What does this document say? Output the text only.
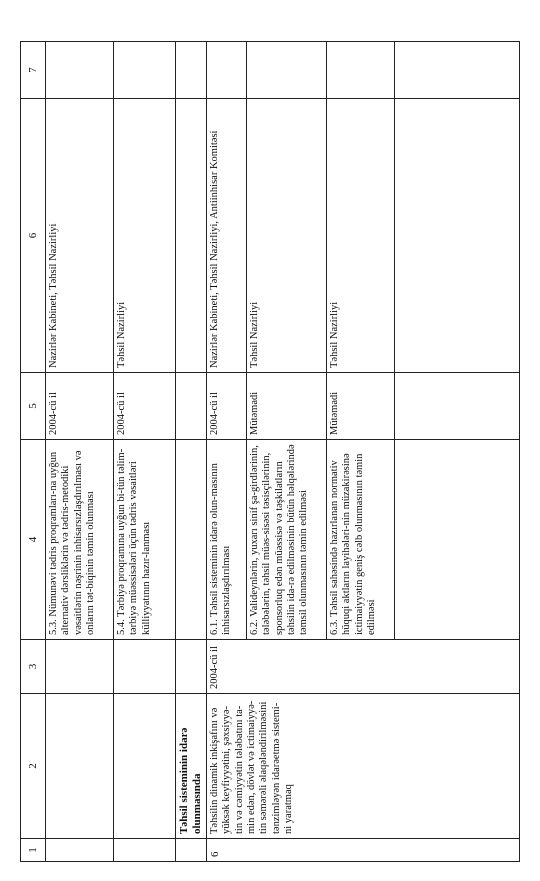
1	2	3	4	5	6	7
			5.3. Nümunəvi tədris proqramları-na uyğun alternativ dərsliklərin və tədris-metodiki vəsaitlərin nəşrinin inhisarsızlaşdırılması və onların tət-biqinin təmin olunması	2004-cü il	Nazirlər Kabineti, Təhsil Nazirliyi	
			5.4. Tərbiyə proqramına uyğun bi-tün təlim-tərbiyə müəssisələri üçün tədris vəsaitləri külliyyatının hazır-lanması	2004-cü il	Təhsil Nazirliyi	
	Təhsil sisteminin idarə olunmasında					
6	Təhsilin dinamik inkişafını və yüksək keyfiyyətini, şəxsiyyə-tin və cəmiyyətin tələbatını ta-min edən, dövlət və ictimaiyyə-tin səmərəli əlaqələndirilməsini tənzimləyən idarəetmə sistemi-ni yaratmaq	2004-cü il	6.1. Təhsil sisteminin idarə olun-masının inhisarsızlaşdırılması	2004-cü il	Nazirlər Kabineti, Təhsil Nazirliyi, Antiinhisar Komitəsi	
			6.2. Valideynlərin, yuxarı sinif şa-girdlərinin, tələbələrin, təhsil müəs-sisəsi təsisçilərinin, sponsorluq edən müəssisə və təşkilatların təhsilin ida-rə edilməsinin bütün həlqələrində təmsil olunmasının təmin edilməsi	Mütəmadi	Təhsil Nazirliyi	
			6.3. Təhsil sahəsində hazırlanan normativ hüquqi aktların layihələri-nin müzakirəsinə ictimaiyyətin geniş cəlb olunmasının təmin edilməsi	Mütəmadi	Təhsil Nazirliyi	
